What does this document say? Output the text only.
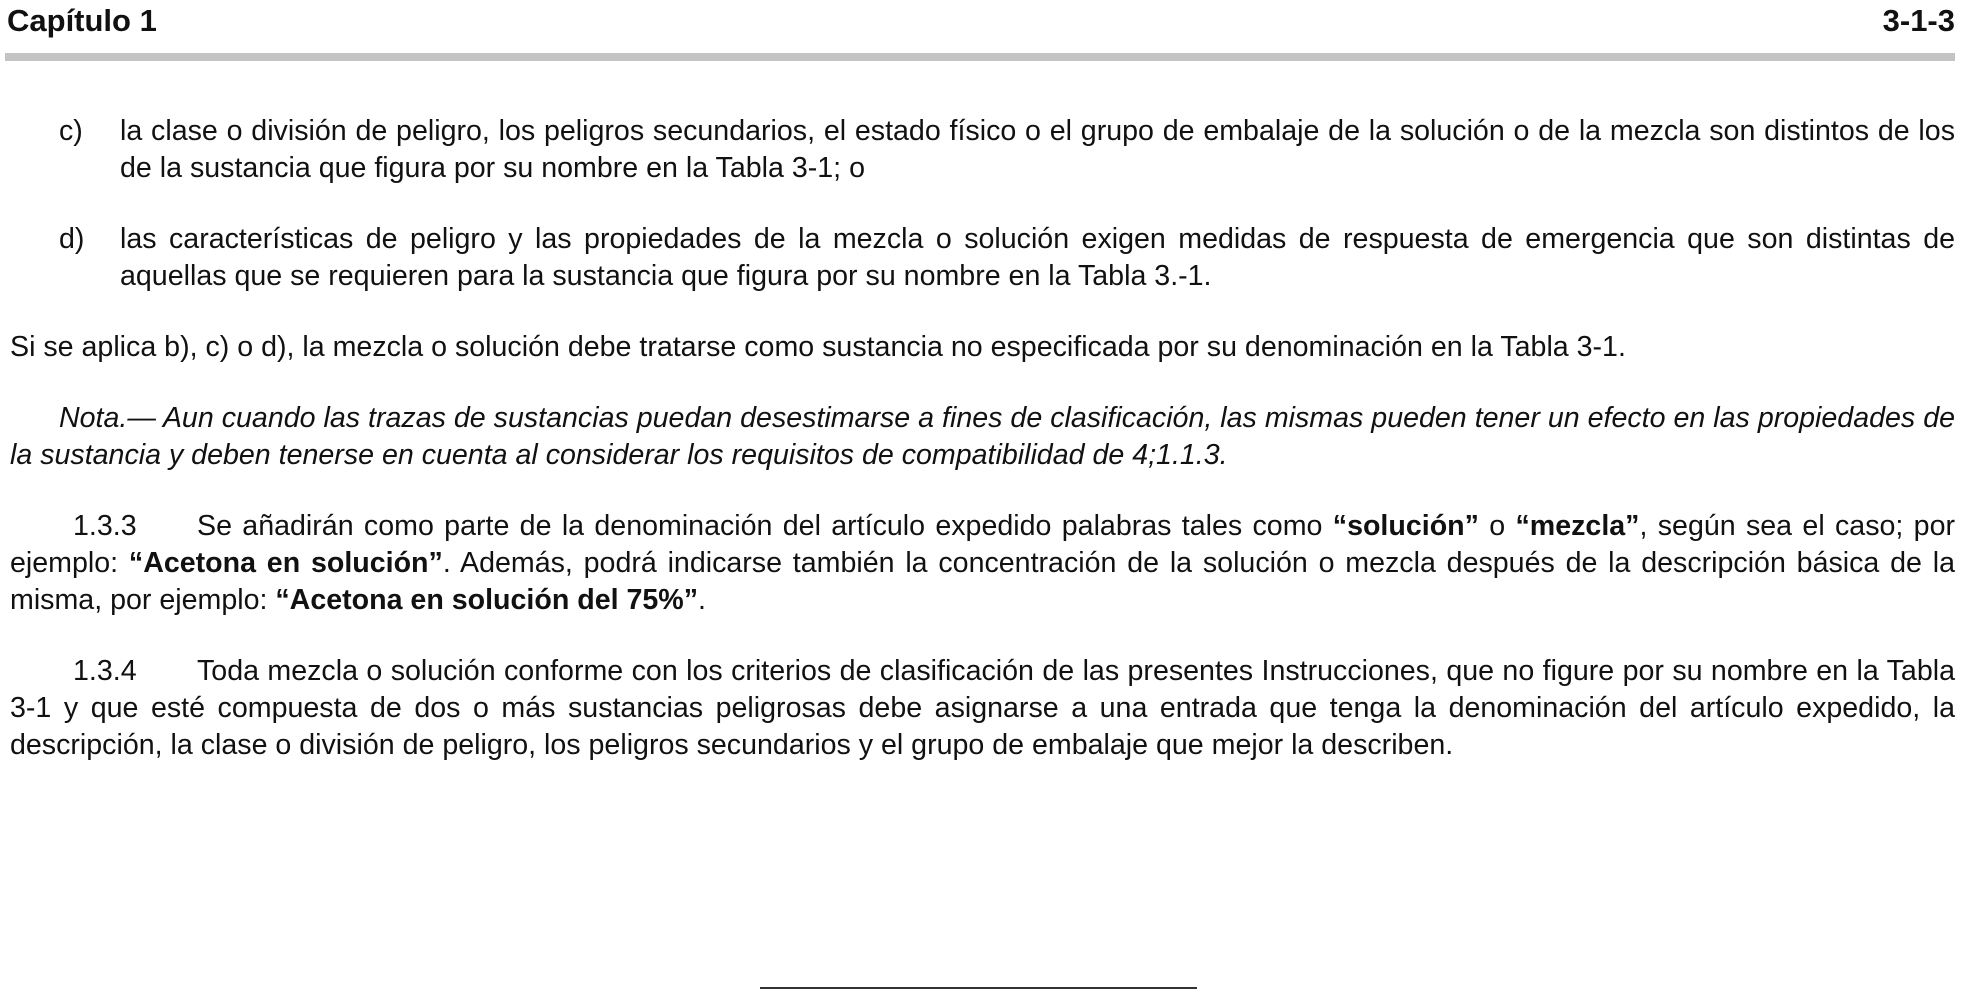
Capítulo 1	3-1-3
c)	la clase o división de peligro, los peligros secundarios, el estado físico o el grupo de embalaje de la solución o de la mezcla son distintos de los de la sustancia que figura por su nombre en la Tabla 3-1; o
d)	las características de peligro y las propiedades de la mezcla o solución exigen medidas de respuesta de emergencia que son distintas de aquellas que se requieren para la sustancia que figura por su nombre en la Tabla 3.-1.

Si se aplica b), c) o d), la mezcla o solución debe tratarse como sustancia no especificada por su denominación en la Tabla 3-1.

Nota.— Aun cuando las trazas de sustancias puedan desestimarse a fines de clasificación, las mismas pueden tener un efecto en las propiedades de la sustancia y deben tenerse en cuenta al considerar los requisitos de compatibilidad de 4;1.1.3.

1.3.3 Se añadirán como parte de la denominación del artículo expedido palabras tales como “solución” o “mezcla”, según sea el caso; por ejemplo: “Acetona en solución”. Además, podrá indicarse también la concentración de la solución o mezcla después de la descripción básica de la misma, por ejemplo: “Acetona en solución del 75%”.

1.3.4 Toda mezcla o solución conforme con los criterios de clasificación de las presentes Instrucciones, que no figure por su nombre en la Tabla 3-1 y que esté compuesta de dos o más sustancias peligrosas debe asignarse a una entrada que tenga la denominación del artículo expedido, la descripción, la clase o división de peligro, los peligros secundarios y el grupo de embalaje que mejor la describen.
